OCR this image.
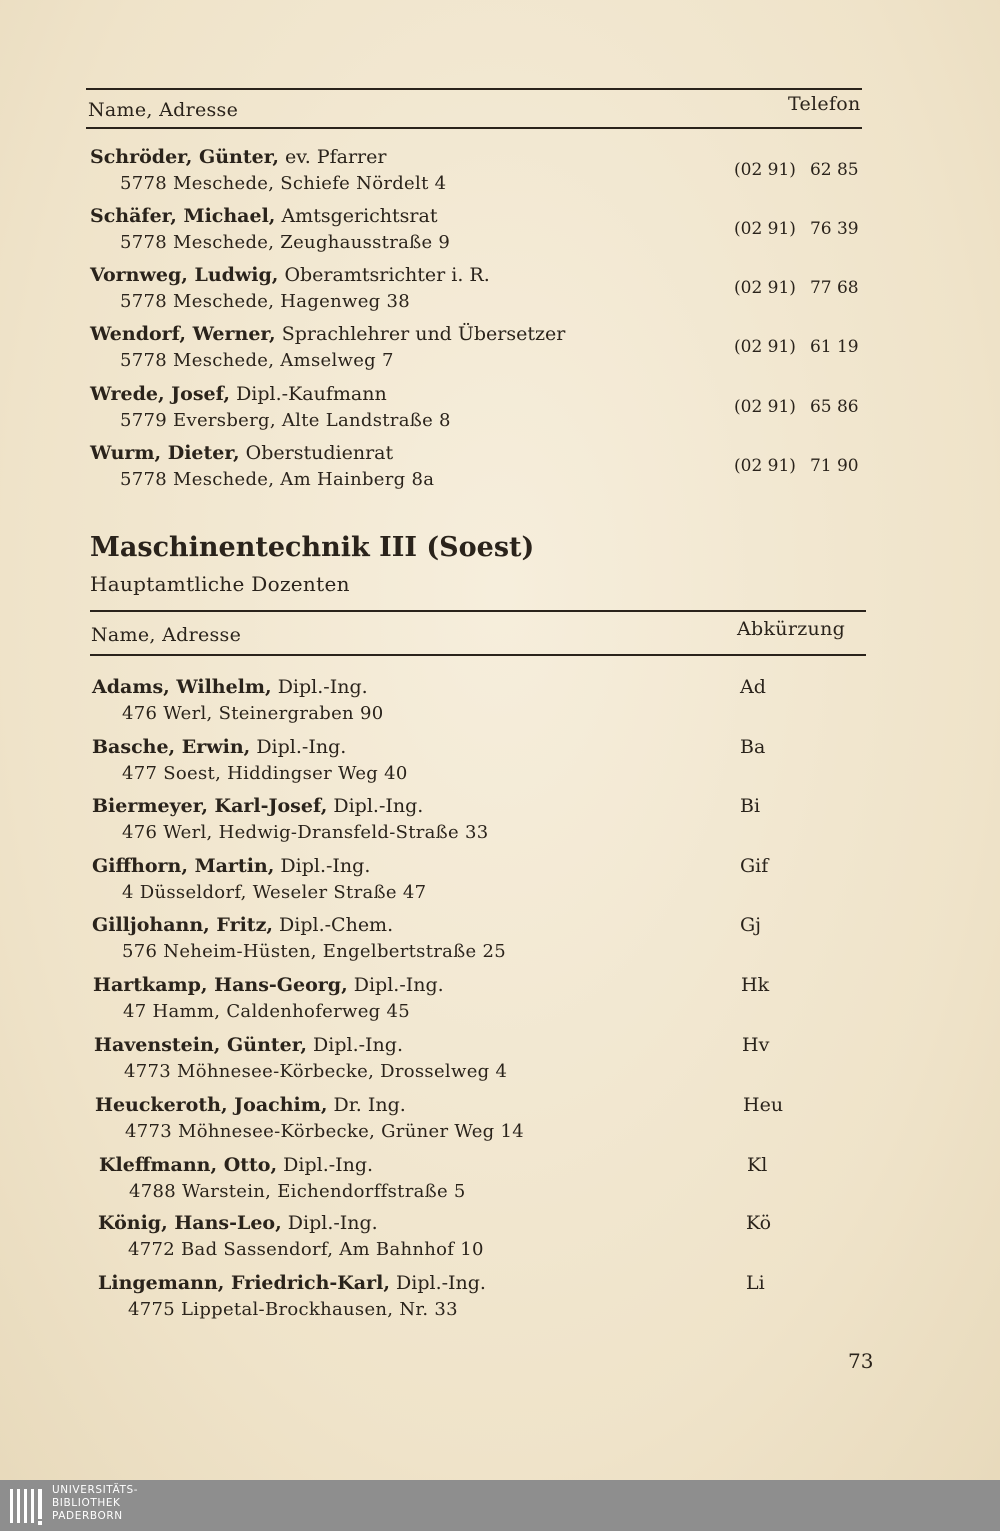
Name, Adresse	Telefon
Schröder, Günter, ev. Pfarrer
5778 Meschede, Schiefe Nördelt 4
(02 91) 62 85
Schäfer, Michael, Amtsgerichtsrat
5778 Meschede, Zeughausstraße 9
(02 91) 76 39
Vornweg, Ludwig, Oberamtsrichter i. R.
5778 Meschede, Hagenweg 38
(02 91) 77 68
Wendorf, Werner, Sprachlehrer und Übersetzer
5778 Meschede, Amselweg 7
(02 91) 61 19
Wrede, Josef, Dipl.-Kaufmann
5779 Eversberg, Alte Landstraße 8
(02 91) 65 86
Wurm, Dieter, Oberstudienrat
5778 Meschede, Am Hainberg 8a
(02 91) 71 90
Maschinentechnik III (Soest)
Hauptamtliche Dozenten
Name, Adresse	Abkürzung
Adams, Wilhelm, Dipl.-Ing.
476 Werl, Steinergraben 90
Ad
Basche, Erwin, Dipl.-Ing.
477 Soest, Hiddingser Weg 40
Ba
Biermeyer, Karl-Josef, Dipl.-Ing.
476 Werl, Hedwig-Dransfeld-Straße 33
Bi
Giffhorn, Martin, Dipl.-Ing.
4 Düsseldorf, Weseler Straße 47
Gif
Gilljohann, Fritz, Dipl.-Chem.
576 Neheim-Hüsten, Engelbertstraße 25
Gj
Hartkamp, Hans-Georg, Dipl.-Ing.
47 Hamm, Caldenhoferweg 45
Hk
Havenstein, Günter, Dipl.-Ing.
4773 Möhnesee-Körbecke, Drosselweg 4
Hv
Heuckeroth, Joachim, Dr. Ing.
4773 Möhnesee-Körbecke, Grüner Weg 14
Heu
Kleffmann, Otto, Dipl.-Ing.
4788 Warstein, Eichendorffstraße 5
Kl
König, Hans-Leo, Dipl.-Ing.
4772 Bad Sassendorf, Am Bahnhof 10
Kö
Lingemann, Friedrich-Karl, Dipl.-Ing.
4775 Lippetal-Brockhausen, Nr. 33
Li
73
UNIVERSITÄTS-
BIBLIOTHEK
PADERBORN
